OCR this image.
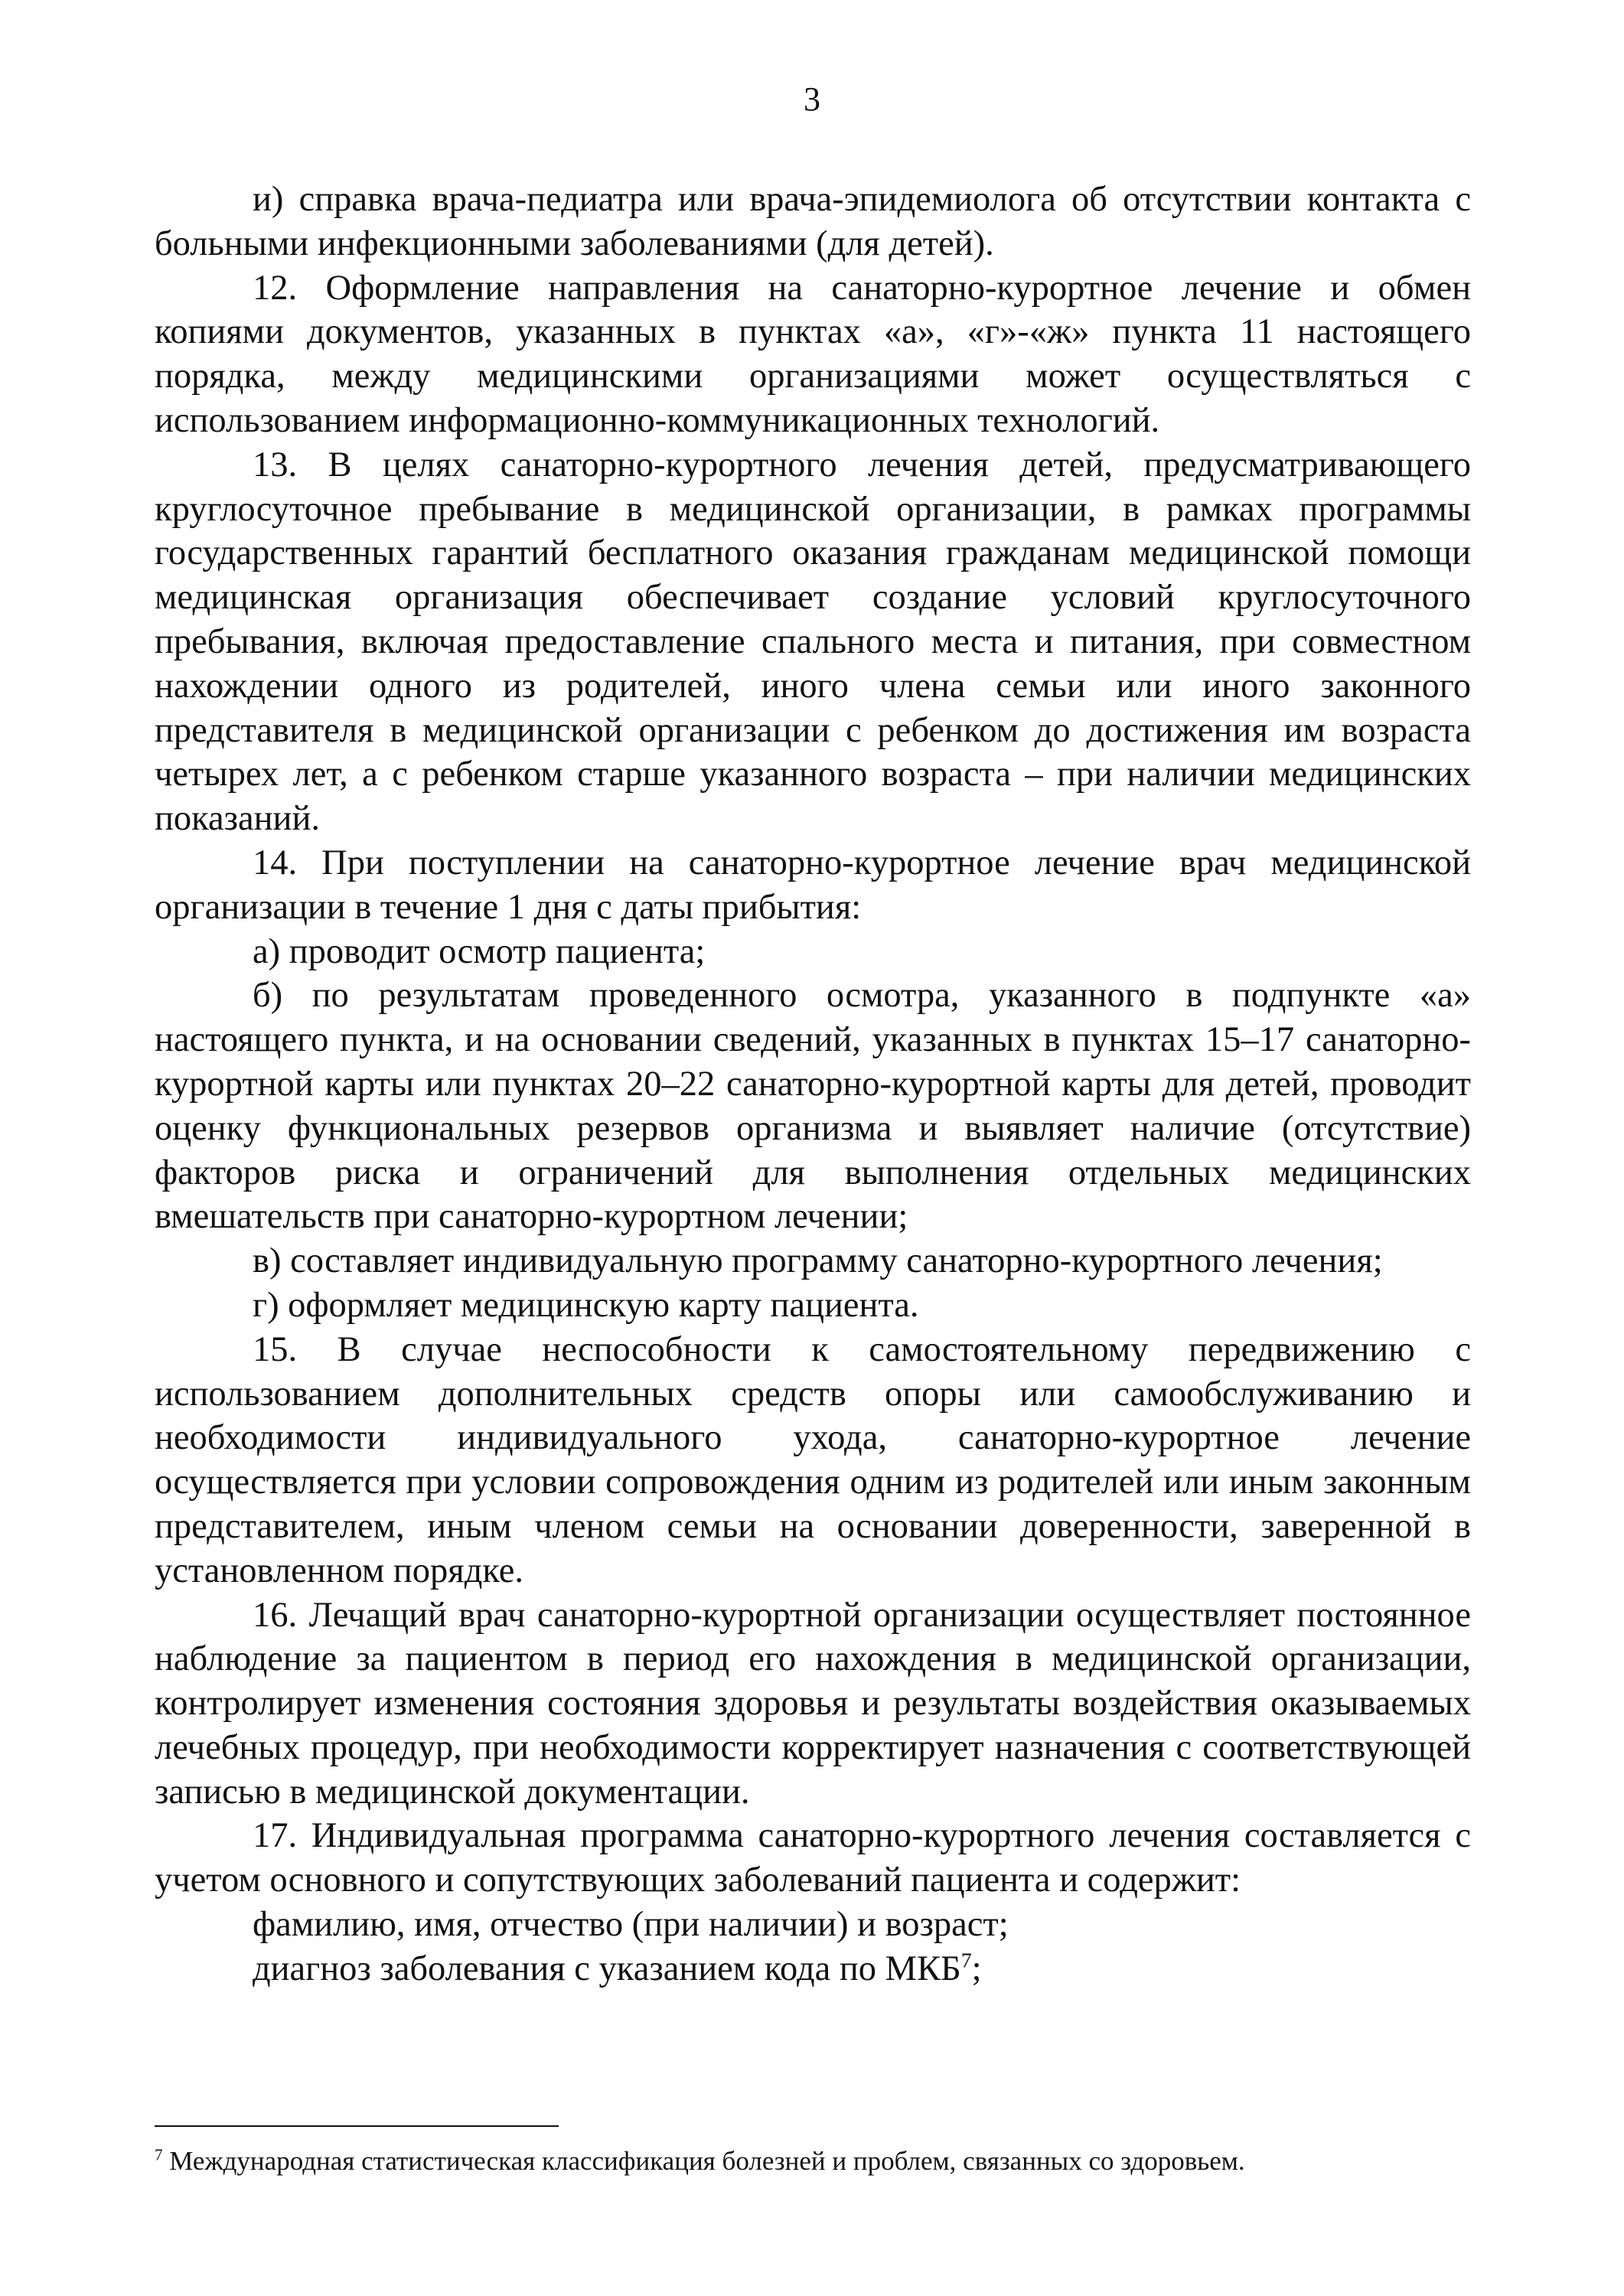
3

и) справка врача-педиатра или врача-эпидемиолога об отсутствии контакта с больными инфекционными заболеваниями (для детей).

12. Оформление направления на санаторно-курортное лечение и обмен копиями документов, указанных в пунктах «а», «г»-«ж» пункта 11 настоящего порядка, между медицинскими организациями может осуществляться с использованием информационно-коммуникационных технологий.

13. В целях санаторно-курортного лечения детей, предусматривающего круглосуточное пребывание в медицинской организации, в рамках программы государственных гарантий бесплатного оказания гражданам медицинской помощи медицинская организация обеспечивает создание условий круглосуточного пребывания, включая предоставление спального места и питания, при совместном нахождении одного из родителей, иного члена семьи или иного законного представителя в медицинской организации с ребенком до достижения им возраста четырех лет, а с ребенком старше указанного возраста – при наличии медицинских показаний.

14. При поступлении на санаторно-курортное лечение врач медицинской организации в течение 1 дня с даты прибытия:

а) проводит осмотр пациента;

б) по результатам проведенного осмотра, указанного в подпункте «а» настоящего пункта, и на основании сведений, указанных в пунктах 15–17 санаторно-курортной карты или пунктах 20–22 санаторно-курортной карты для детей, проводит оценку функциональных резервов организма и выявляет наличие (отсутствие) факторов риска и ограничений для выполнения отдельных медицинских вмешательств при санаторно-курортном лечении;

в) составляет индивидуальную программу санаторно-курортного лечения;

г) оформляет медицинскую карту пациента.

15. В случае неспособности к самостоятельному передвижению с использованием дополнительных средств опоры или самообслуживанию и необходимости индивидуального ухода, санаторно-курортное лечение осуществляется при условии сопровождения одним из родителей или иным законным представителем, иным членом семьи на основании доверенности, заверенной в установленном порядке.

16. Лечащий врач санаторно-курортной организации осуществляет постоянное наблюдение за пациентом в период его нахождения в медицинской организации, контролирует изменения состояния здоровья и результаты воздействия оказываемых лечебных процедур, при необходимости корректирует назначения с соответствующей записью в медицинской документации.

17. Индивидуальная программа санаторно-курортного лечения составляется с учетом основного и сопутствующих заболеваний пациента и содержит:

фамилию, имя, отчество (при наличии) и возраст;

диагноз заболевания с указанием кода по МКБ$^7$;

$^7$ Международная статистическая классификация болезней и проблем, связанных со здоровьем.
